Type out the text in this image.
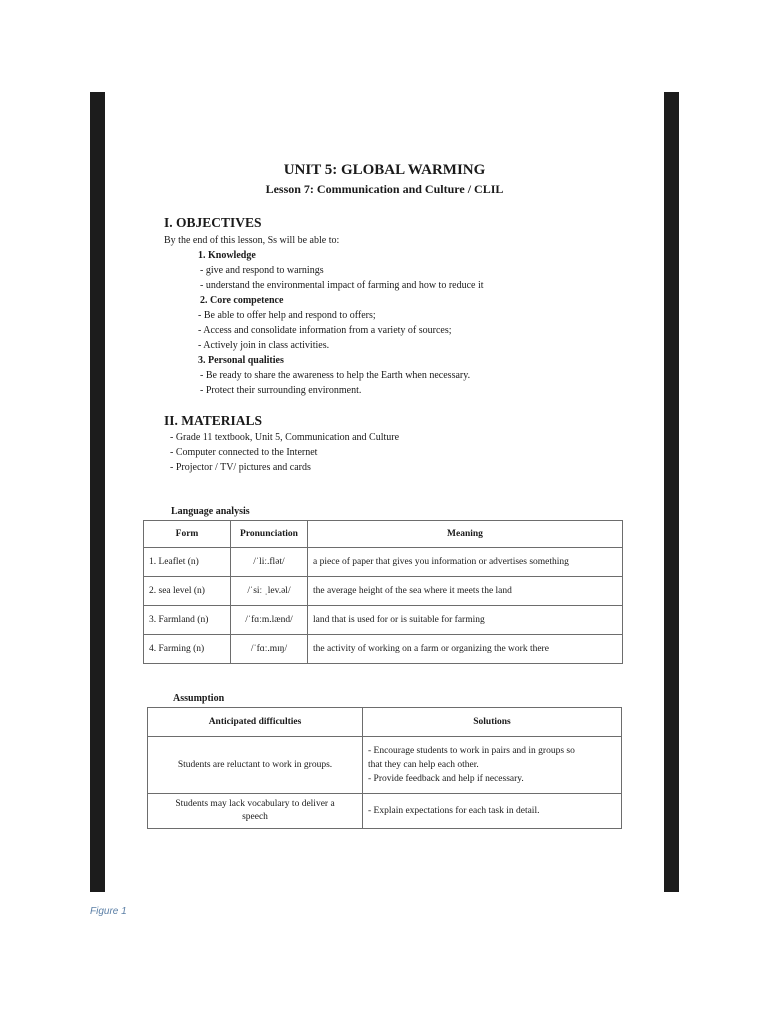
UNIT 5: GLOBAL WARMING
Lesson 7: Communication and Culture / CLIL
I. OBJECTIVES
By the end of this lesson, Ss will be able to:
1. Knowledge
- give and respond to warnings
- understand the environmental impact of farming and how to reduce it
2. Core competence
- Be able to offer help and respond to offers;
- Access and consolidate information from a variety of sources;
- Actively join in class activities.
3. Personal qualities
- Be ready to share the awareness to help the Earth when necessary.
- Protect their surrounding environment.
II. MATERIALS
- Grade 11 textbook, Unit 5, Communication and Culture
- Computer connected to the Internet
- Projector / TV/ pictures and cards
Language analysis
Form	Pronunciation	Meaning
1. Leaflet (n)	/ˈliː.flət/	a piece of paper that gives you information or advertises something
2. sea level (n)	/ˈsiː ˌlev.əl/	the average height of the sea where it meets the land
3. Farmland (n)	/ˈfɑːm.lænd/	land that is used for or is suitable for farming
4. Farming (n)	/ˈfɑː.mɪŋ/	the activity of working on a farm or organizing the work there
Assumption
Anticipated difficulties	Solutions
Students are reluctant to work in groups.	- Encourage students to work in pairs and in groups so
that they can help each other.
- Provide feedback and help if necessary.

Students may lack vocabulary to deliver a
speech	- Explain expectations for each task in detail.
Figure 1
